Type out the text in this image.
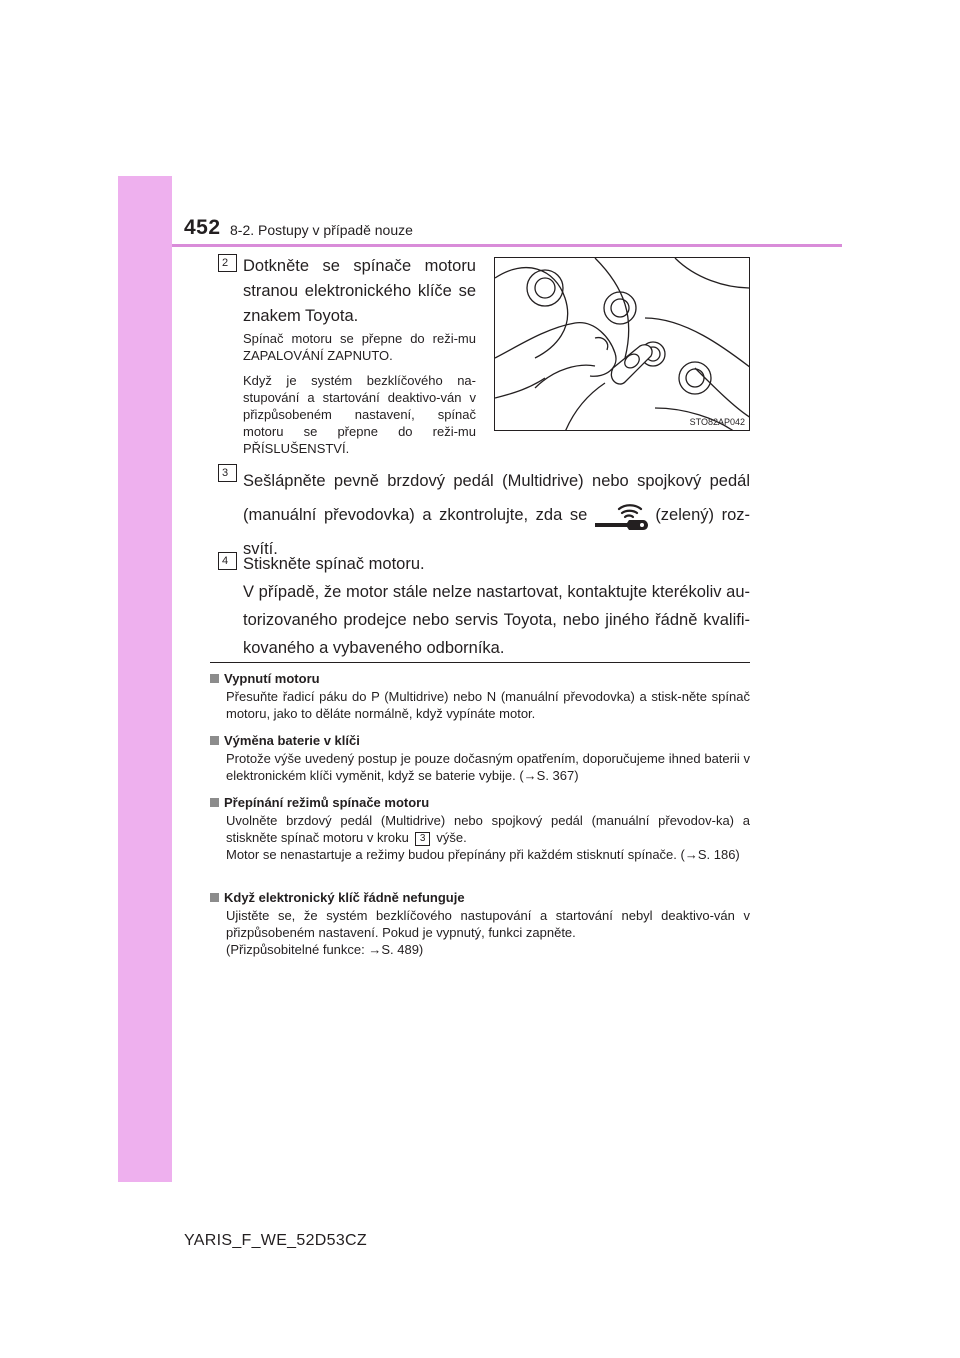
452 8-2. Postupy v případě nouze
2 Dotkněte se spínače motoru stranou elektronického klíče se znakem Toyota.
Spínač motoru se přepne do reži-mu ZAPALOVÁNÍ ZAPNUTO.
Když je systém bezklíčového na-stupování a startování deaktivo-ván v přizpůsobeném nastavení, spínač motoru se přepne do reži-mu PŘÍSLUŠENSTVÍ.
STO82AP042
3 Sešlápněte pevně brzdový pedál (Multidrive) nebo spojkový pedál (manuální převodovka) a zkontrolujte, zda se	(zelený) roz-svítí.
4 Stiskněte spínač motoru.
V případě, že motor stále nelze nastartovat, kontaktujte kterékoliv au-torizovaného prodejce nebo servis Toyota, nebo jiného řádně kvalifi-kovaného a vybaveného odborníka.
Vypnutí motoru
Přesuňte řadicí páku do P (Multidrive) nebo N (manuální převodovka) a stisk-něte spínač motoru, jako to děláte normálně, když vypínáte motor.
Výměna baterie v klíči
Protože výše uvedený postup je pouze dočasným opatřením, doporučujeme ihned baterii v elektronickém klíči vyměnit, když se baterie vybije. (→S. 367)
Přepínání režimů spínače motoru
Uvolněte brzdový pedál (Multidrive) nebo spojkový pedál (manuální převodov-ka) a stiskněte spínač motoru v kroku 3 výše.
Motor se nenastartuje a režimy budou přepínány při každém stisknutí spínače. (→S. 186)
Když elektronický klíč řádně nefunguje
Ujistěte se, že systém bezklíčového nastupování a startování nebyl deaktivo-ván v přizpůsobeném nastavení. Pokud je vypnutý, funkci zapněte.
(Přizpůsobitelné funkce: →S. 489)
YARIS_F_WE_52D53CZ
